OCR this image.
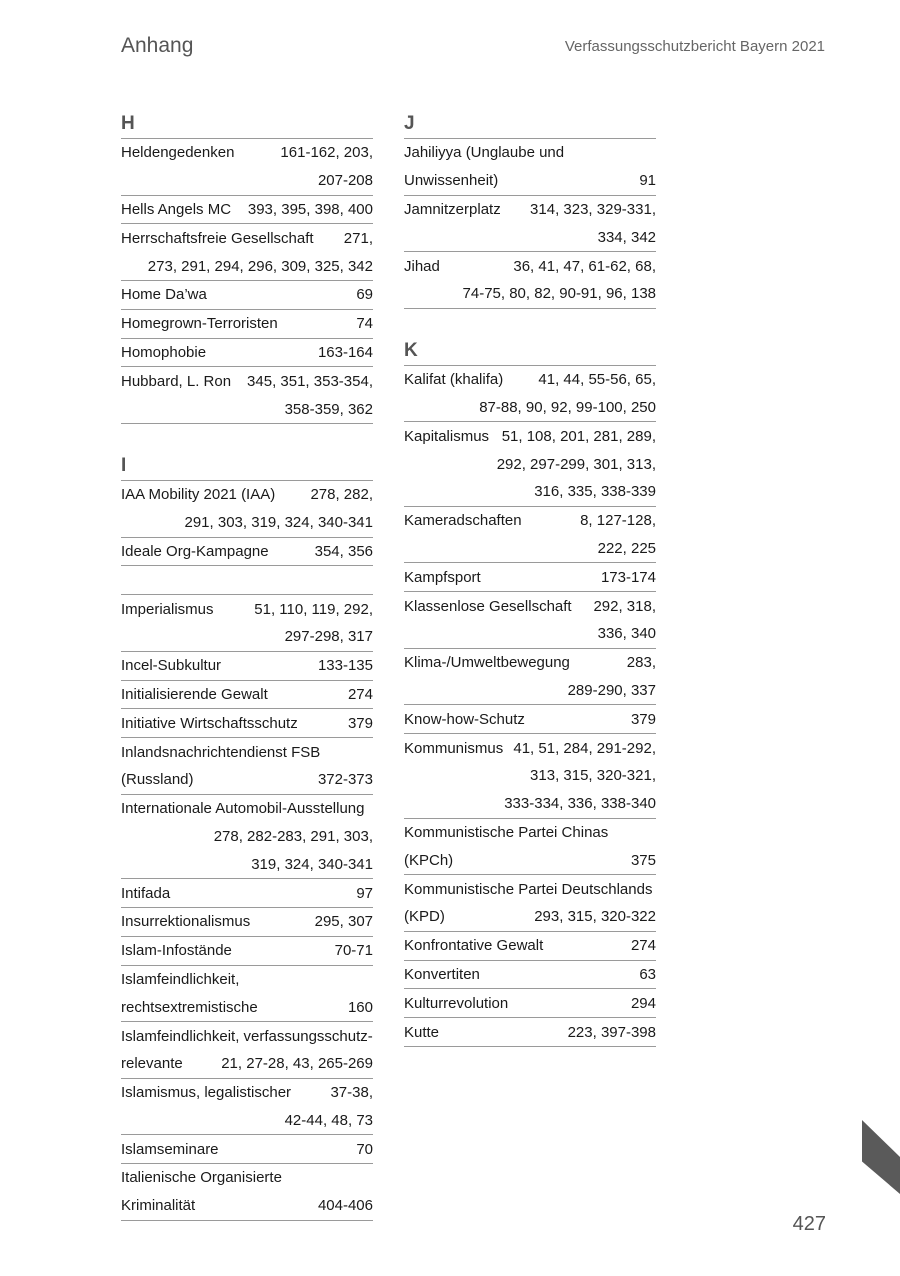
Anhang	Verfassungsschutzbericht Bayern 2021
H
Heldengedenken	161-162, 203,
207-208
Hells Angels MC 393, 395, 398, 400
Herrschaftsfreie Gesellschaft 271,
273, 291, 294, 296, 309, 325, 342
Home Da’wa	69
Homegrown-Terroristen	74
Homophobie	163-164
Hubbard, L. Ron 345, 351, 353-354,
358-359, 362
I
IAA Mobility 2021 (IAA) 278, 282,
291, 303, 319, 324, 340-341
Ideale Org-Kampagne	354, 356
Imperialismus	51, 110, 119, 292,
297-298, 317
Incel-Subkultur	133-135
Initialisierende Gewalt	274
Initiative Wirtschaftsschutz	379
Inlandsnachrichtendienst FSB
(Russland)	372-373
Internationale Automobil-Ausstellung
278, 282-283, 291, 303,
319, 324, 340-341
Intifada	97
Insurrektionalismus	295, 307
Islam-Infostände	70-71
Islamfeindlichkeit,
rechtsextremistische	160
Islamfeindlichkeit, verfassungsschutz-
relevante	21, 27-28, 43, 265-269
Islamismus, legalistischer	37-38,
42-44, 48, 73
Islamseminare	70
Italienische Organisierte
Kriminalität	404-406
J
Jahiliyya (Unglaube und
Unwissenheit)	91
Jamnitzerplatz 314, 323, 329-331,
334, 342
Jihad	36, 41, 47, 61-62, 68,
74-75, 80, 82, 90-91, 96, 138
K
Kalifat (khalifa) 41, 44, 55-56, 65,
87-88, 90, 92, 99-100, 250
Kapitalismus 51, 108, 201, 281, 289,
292, 297-299, 301, 313,
316, 335, 338-339
Kameradschaften	8, 127-128,
222, 225
Kampfsport	173-174
Klassenlose Gesellschaft 292, 318,
336, 340
Klima-/Umweltbewegung	283,
289-290, 337
Know-how-Schutz	379
Kommunismus 41, 51, 284, 291-292,
313, 315, 320-321,
333-334, 336, 338-340
Kommunistische Partei Chinas
(KPCh)	375
Kommunistische Partei Deutschlands
(KPD)	293, 315, 320-322
Konfrontative Gewalt	274
Konvertiten	63
Kulturrevolution	294
Kutte	223, 397-398
427
